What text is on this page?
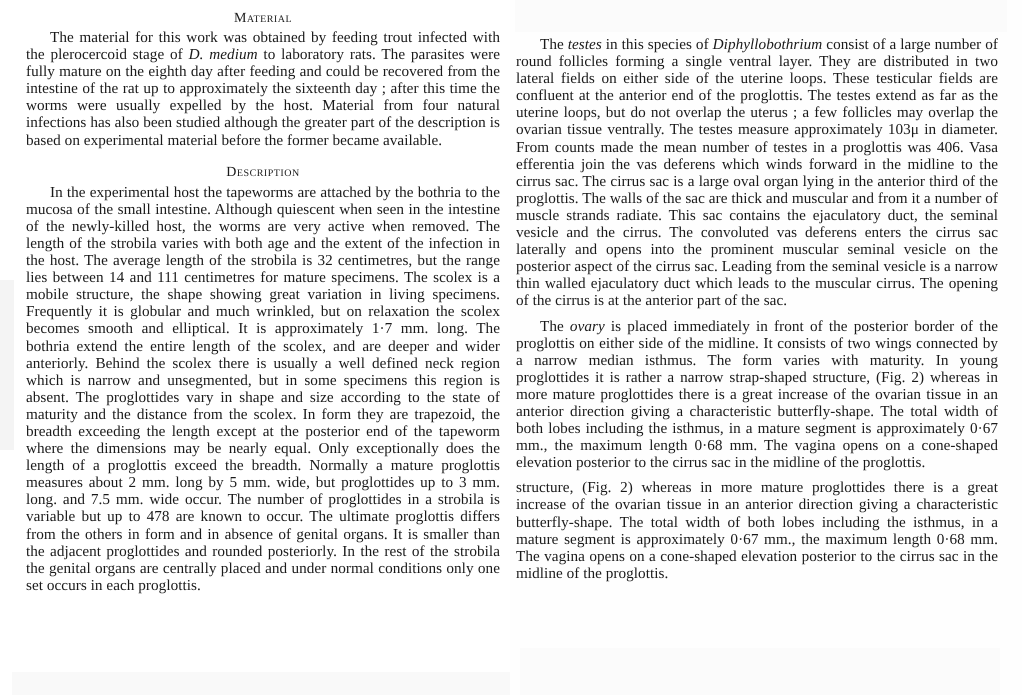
Material

The material for this work was obtained by feeding trout infected with the plerocercoid stage of D. medium to laboratory rats. The parasites were fully mature on the eighth day after feeding and could be recovered from the intestine of the rat up to approximately the sixteenth day ; after this time the worms were usually expelled by the host. Material from four natural infections has also been studied although the greater part of the description is based on experimental material before the former became available.

Description

In the experimental host the tapeworms are attached by the bothria to the mucosa of the small intestine. Although quiescent when seen in the intestine of the newly-killed host, the worms are very active when removed. The length of the strobila varies with both age and the extent of the infection in the host. The average length of the strobila is 32 centimetres, but the range lies between 14 and 111 centimetres for mature specimens. The scolex is a mobile structure, the shape showing great variation in living specimens. Frequently it is globular and much wrinkled, but on relaxation the scolex becomes smooth and elliptical. It is approximately 1·7 mm. long. The bothria extend the entire length of the scolex, and are deeper and wider anteriorly. Behind the scolex there is usually a well defined neck region which is narrow and unsegmented, but in some specimens this region is absent. The proglottides vary in shape and size according to the state of maturity and the distance from the scolex. In form they are trapezoid, the breadth exceeding the length except at the posterior end of the tapeworm where the dimensions may be nearly equal. Only exceptionally does the length of a proglottis exceed the breadth. Normally a mature proglottis measures about 2 mm. long by 5 mm. wide, but proglottides up to 3 mm. long. and 7.5 mm. wide occur. The number of proglottides in a strobila is variable but up to 478 are known to occur. The ultimate proglottis differs from the others in form and in absence of genital organs. It is smaller than the adjacent proglottides and rounded posteriorly. In the rest of the strobila the genital organs are centrally placed and under normal conditions only one set occurs in each proglottis.

The testes in this species of Diphyllobothrium consist of a large number of round follicles forming a single ventral layer. They are distributed in two lateral fields on either side of the uterine loops. These testicular fields are confluent at the anterior end of the proglottis. The testes extend as far as the uterine loops, but do not overlap the uterus ; a few follicles may overlap the ovarian tissue ventrally. The testes measure approximately 103μ in diameter. From counts made the mean number of testes in a proglottis was 406. Vasa efferentia join the vas deferens which winds forward in the midline to the cirrus sac. The cirrus sac is a large oval organ lying in the anterior third of the proglottis. The walls of the sac are thick and muscular and from it a number of muscle strands radiate. This sac contains the ejaculatory duct, the seminal vesicle and the cirrus. The convoluted vas deferens enters the cirrus sac laterally and opens into the prominent muscular seminal vesicle on the posterior aspect of the cirrus sac. Leading from the seminal vesicle is a narrow thin walled ejaculatory duct which leads to the muscular cirrus. The opening of the cirrus is at the anterior part of the sac.

The ovary is placed immediately in front of the posterior border of the proglottis on either side of the midline. It consists of two wings connected by a narrow median isthmus. The form varies with maturity. In young proglottides it is rather a narrow strap-shaped structure, (Fig. 2) whereas in more mature proglottides there is a great increase of the ovarian tissue in an anterior direction giving a characteristic butterfly-shape. The total width of both lobes including the isthmus, in a mature segment is approximately 0·67 mm., the maximum length 0·68 mm. The vagina opens on a cone-shaped elevation posterior to the cirrus sac in the midline of the proglottis.

structure, (Fig. 2) whereas in more mature proglottides there is a great increase of the ovarian tissue in an anterior direction giving a characteristic butterfly-shape. The total width of both lobes including the isthmus, in a mature segment is approximately 0·67 mm., the maximum length 0·68 mm. The vagina opens on a cone-shaped elevation posterior to the cirrus sac in the midline of the proglottis.
